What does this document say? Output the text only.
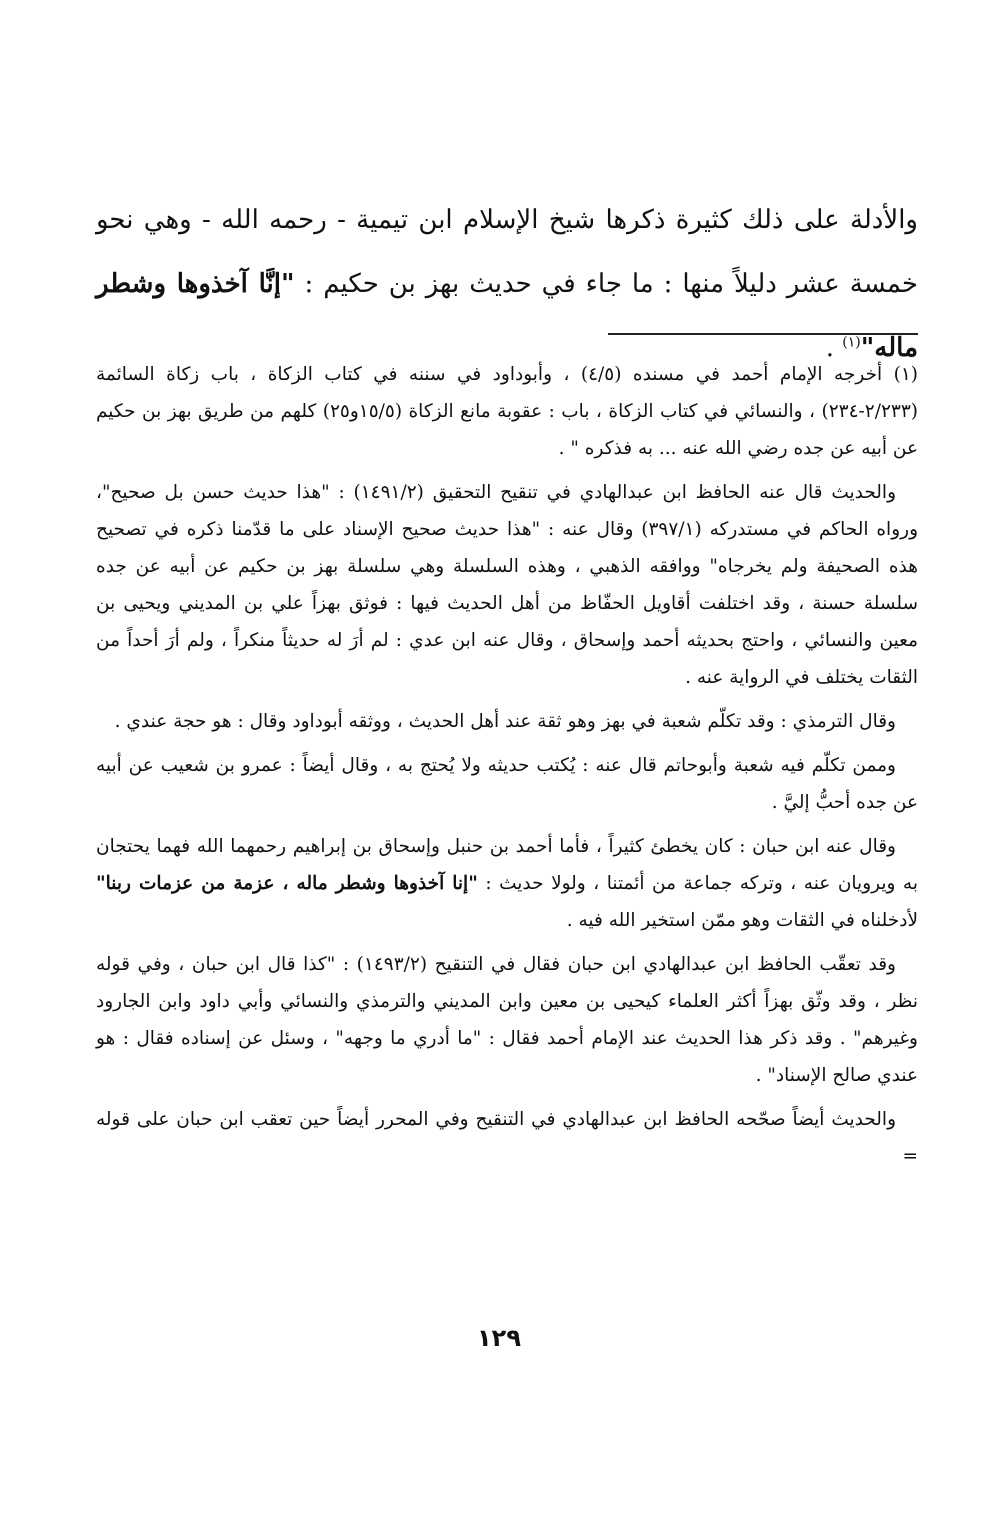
والأدلة على ذلك كثيرة ذكرها شيخ الإسلام ابن تيمية - رحمه الله - وهي نحو خمسة عشر دليلاً منها : ما جاء في حديث بهز بن حكيم : "إنَّا آخذوها وشطر ماله"$^{(١)}$ .

(١) أخرجه الإمام أحمد في مسنده (٤/٥) ، وأبوداود في سننه في كتاب الزكاة ، باب زكاة السائمة (٢/٢٣٣-٢٣٤) ، والنسائي في كتاب الزكاة ، باب : عقوبة مانع الزكاة (١٥/٥و٢٥) كلهم من طريق بهز بن حكيم عن أبيه عن جده رضي الله عنه ... به فذكره " .

والحديث قال عنه الحافظ ابن عبدالهادي في تنقيح التحقيق (١٤٩١/٢) : "هذا حديث حسن بل صحيح"، ورواه الحاكم في مستدركه (٣٩٧/١) وقال عنه : "هذا حديث صحيح الإسناد على ما قدّمنا ذكره في تصحيح هذه الصحيفة ولم يخرجاه" ووافقه الذهبي ، وهذه السلسلة وهي سلسلة بهز بن حكيم عن أبيه عن جده سلسلة حسنة ، وقد اختلفت أقاويل الحفّاظ من أهل الحديث فيها : فوثق بهزاً علي بن المديني ويحيى بن معين والنسائي ، واحتج بحديثه أحمد وإسحاق ، وقال عنه ابن عدي : لم أرَ له حديثاً منكراً ، ولم أرَ أحداً من الثقات يختلف في الرواية عنه .

وقال الترمذي : وقد تكلّم شعبة في بهز وهو ثقة عند أهل الحديث ، ووثقه أبوداود وقال : هو حجة عندي .

وممن تكلّم فيه شعبة وأبوحاتم قال عنه : يُكتب حديثه ولا يُحتج به ، وقال أيضاً : عمرو بن شعيب عن أبيه عن جده أحبُّ إليَّ .

وقال عنه ابن حبان : كان يخطئ كثيراً ، فأما أحمد بن حنبل وإسحاق بن إبراهيم رحمهما الله فهما يحتجان به ويرويان عنه ، وتركه جماعة من أئمتنا ، ولولا حديث : "إنا آخذوها وشطر ماله ، عزمة من عزمات ربنا" لأدخلناه في الثقات وهو ممّن استخير الله فيه .

وقد تعقّب الحافظ ابن عبدالهادي ابن حبان فقال في التنقيح (١٤٩٣/٢) : "كذا قال ابن حبان ، وفي قوله نظر ، وقد وثّق بهزاً أكثر العلماء كيحيى بن معين وابن المديني والترمذي والنسائي وأبي داود وابن الجارود وغيرهم" . وقد ذكر هذا الحديث عند الإمام أحمد فقال : "ما أدري ما وجهه" ، وسئل عن إسناده فقال : هو عندي صالح الإسناد" .

والحديث أيضاً صحّحه الحافظ ابن عبدالهادي في التنقيح وفي المحرر أيضاً حين تعقب ابن حبان على قوله =

١٢٩
